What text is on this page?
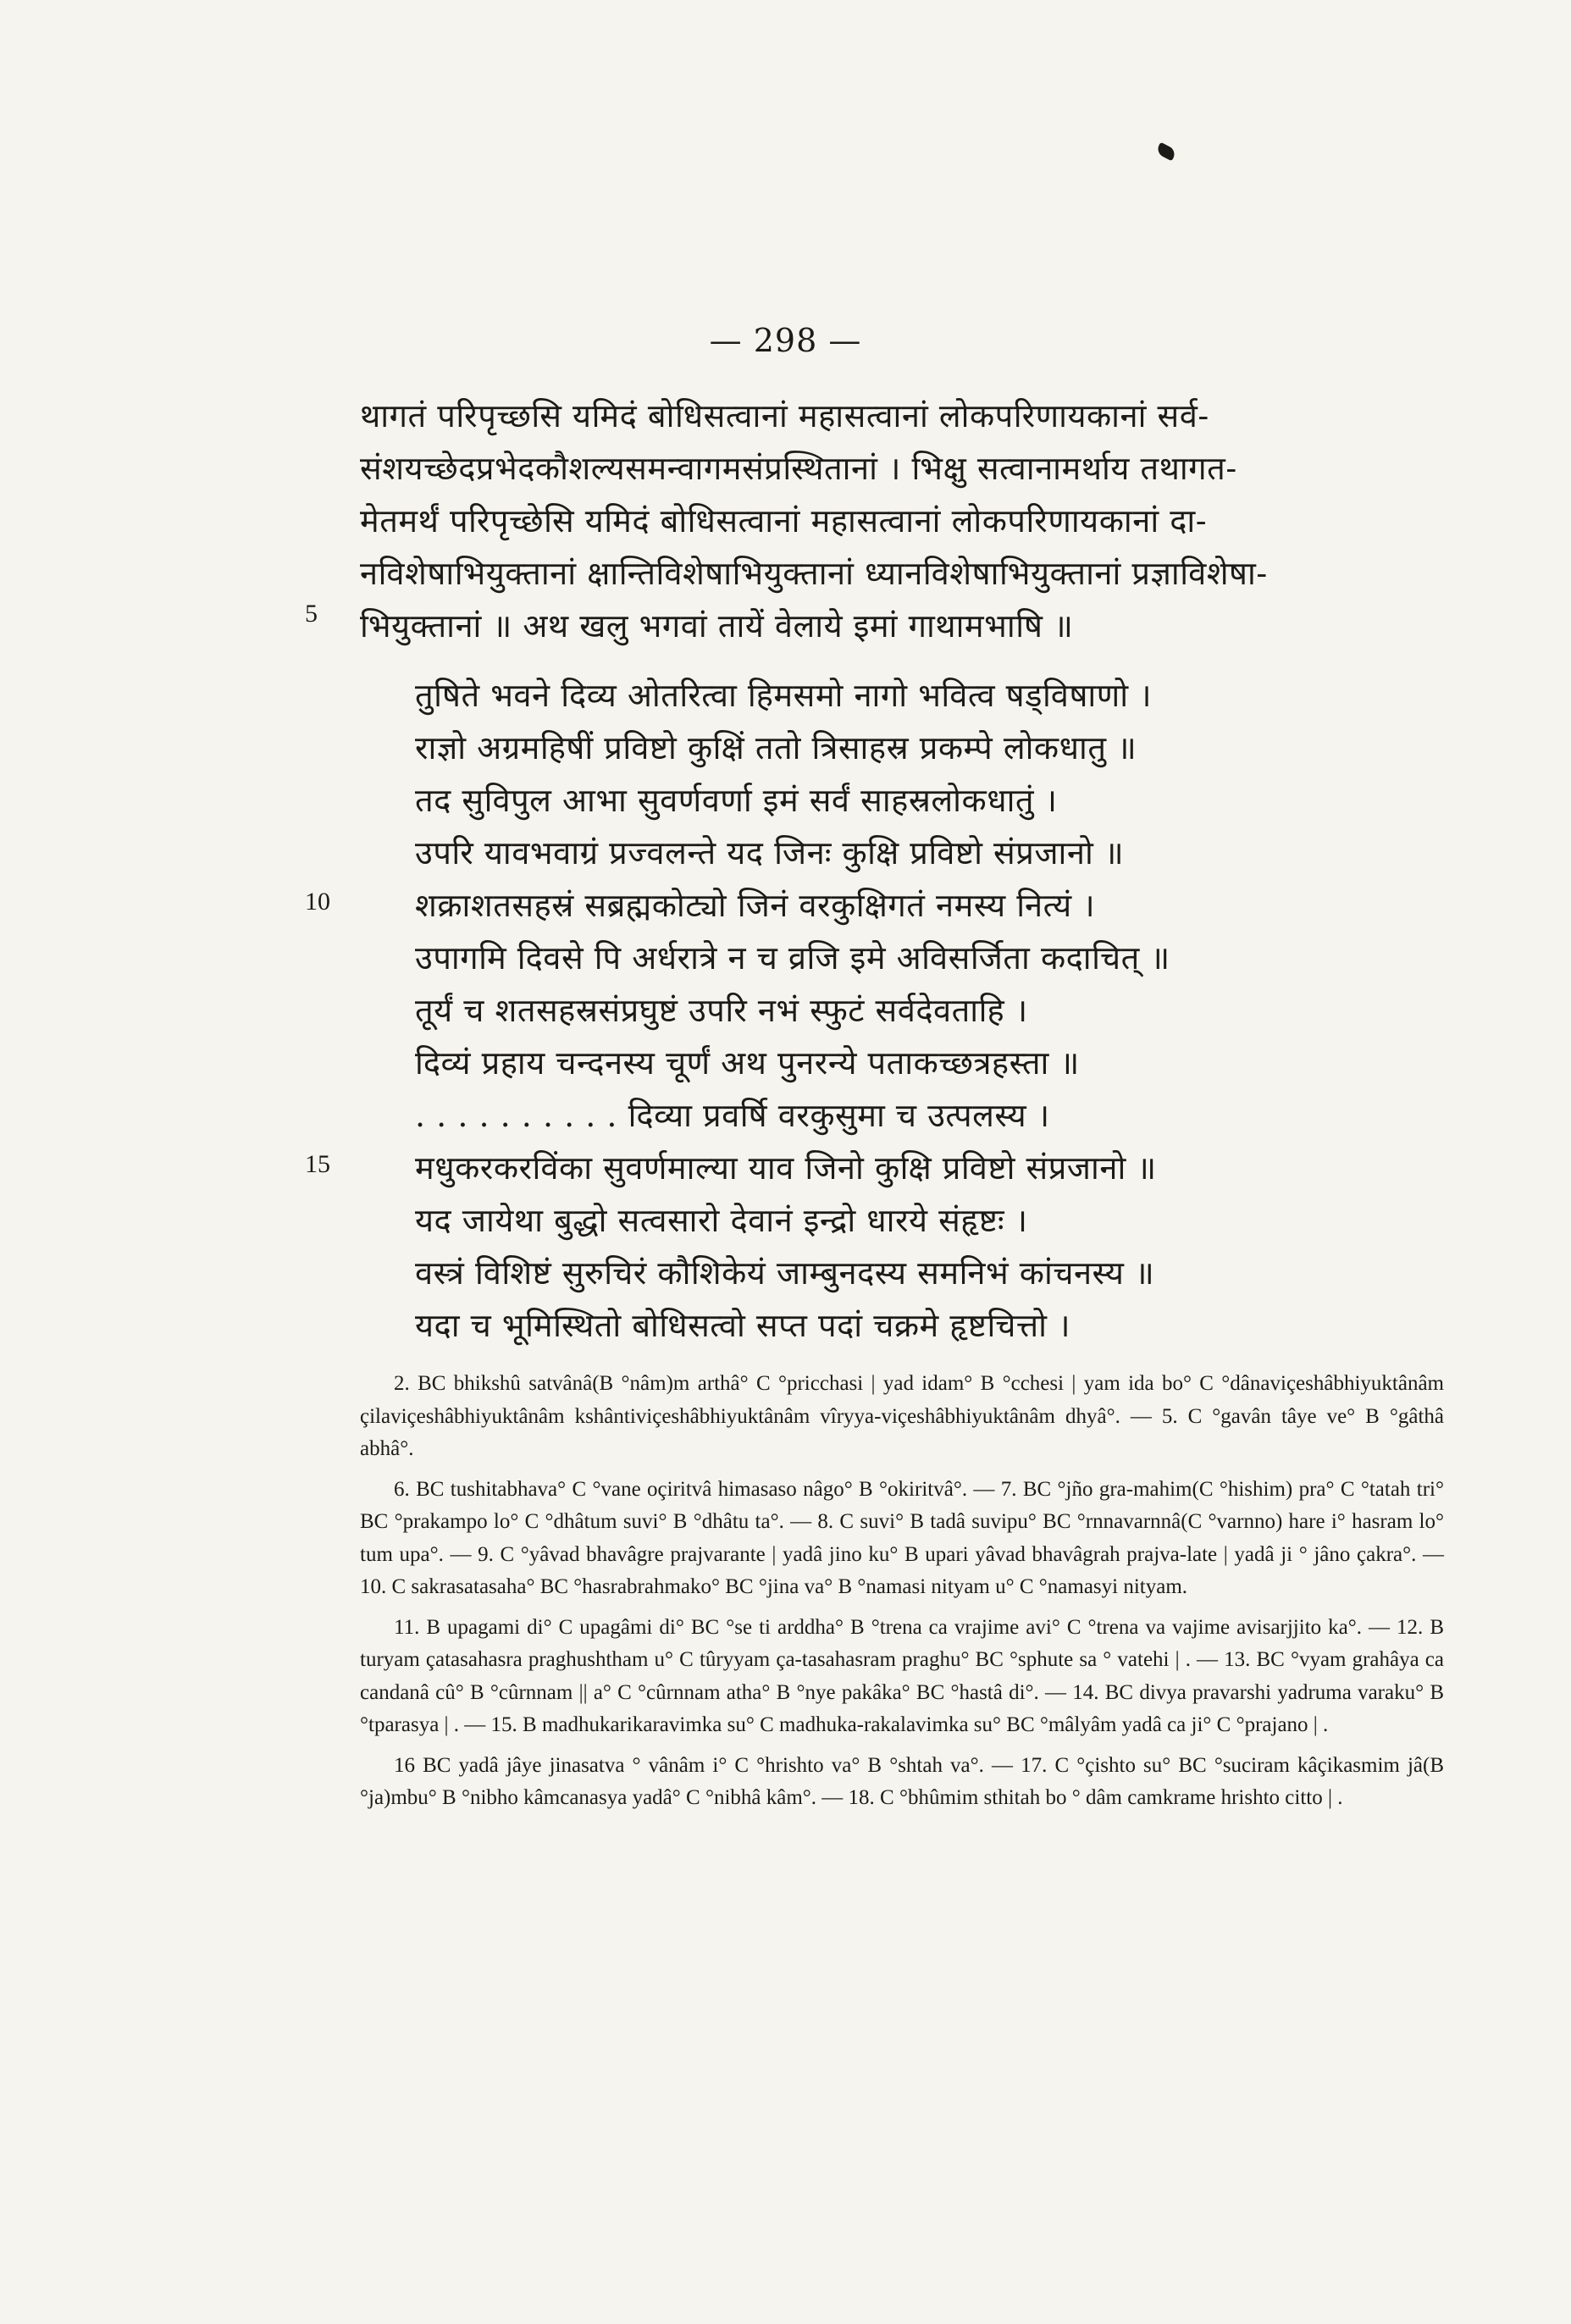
— 298 —
थागतं परिपृच्छसि यमिदं बोधिसत्वानां महासत्वानां लोकपरिणायकानां सर्व-
संशयच्छेदप्रभेदकौशल्यसमन्वागमसंप्रस्थितानां । भिक्षु सत्वानामर्थाय तथागत-
मेतमर्थं परिपृच्छेसि यमिदं बोधिसत्वानां महासत्वानां लोकपरिणायकानां दा-
नविशेषाभियुक्तानां क्षान्तिविशेषाभियुक्तानां ध्यानविशेषाभियुक्तानां प्रज्ञाविशेषा-
भियुक्तानां ॥ अथ खलु भगवां तायें वेलाये इमां गाथामभाषि ॥
5
10
15
तुषिते भवने दिव्य ओतरित्वा हिमसमो नागो भवित्व षड्विषाणो ।
राज्ञो अग्रमहिषीं प्रविष्टो कुक्षिं ततो त्रिसाहस्र प्रकम्पे लोकधातु ॥
तद सुविपुल आभा सुवर्णवर्णा इमं सर्वं साहस्रलोकधातुं ।
उपरि यावभवाग्रं प्रज्वलन्ते यद जिनः कुक्षि प्रविष्टो संप्रजानो ॥
शक्राशतसहस्रं सब्रह्मकोट्यो जिनं वरकुक्षिगतं नमस्य नित्यं ।
उपागमि दिवसे पि अर्धरात्रे न च व्रजि इमे अविसर्जिता कदाचित् ॥
तूर्यं च शतसहस्रसंप्रघुष्टं उपरि नभं स्फुटं सर्वदेवताहि ।
दिव्यं प्रहाय चन्दनस्य चूर्णं अथ पुनरन्ये पताकच्छत्रहस्ता ॥
. . . . . . . . . . दिव्या प्रवर्षि वरकुसुमा च उत्पलस्य ।
मधुकरकरविंका सुवर्णमाल्या याव जिनो कुक्षि प्रविष्टो संप्रजानो ॥
यद जायेथा बुद्धो सत्वसारो देवानं इन्द्रो धारये संहृष्टः ।
वस्त्रं विशिष्टं सुरुचिरं कौशिकेयं जाम्बुनदस्य समनिभं कांचनस्य ॥
यदा च भूमिस्थितो बोधिसत्वो सप्त पदां चक्रमे हृष्टचित्तो ।

2. BC bhikshû satvânâ(B °nâm)m arthâ° C °pricchasi | yad idam° B °cchesi | yam ida bo° C °dânaviçeshâbhiyuktânâm çilaviçeshâbhiyuktânâm kshântiviçeshâbhiyuktânâm vîryya-viçeshâbhiyuktânâm dhyâ°. — 5. C °gavân tâye ve° B °gâthâ abhâ°.

6. BC tushitabhava° C °vane oçiritvâ himasaso nâgo° B °okiritvâ°. — 7. BC °jño gra-mahim(C °hishim) pra° C °tatah tri° BC °prakampo lo° C °dhâtum suvi° B °dhâtu ta°. — 8. C suvi° B tadâ suvipu° BC °rnnavarnnâ(C °varnno) hare i° hasram lo° tum upa°. — 9. C °yâvad bhavâgre prajvarante | yadâ jino ku° B upari yâvad bhavâgrah prajva-late | yadâ ji ° jâno çakra°. — 10. C sakrasatasaha° BC °hasrabrahmako° BC °jina va° B °namasi nityam u° C °namasyi nityam.

11. B upagami di° C upagâmi di° BC °se ti arddha° B °trena ca vrajime avi° C °trena va vajime avisarjjito ka°. — 12. B turyam çatasahasra praghushtham u° C tûryyam ça-tasahasram praghu° BC °sphute sa ° vatehi | . — 13. BC °vyam grahâya ca candanâ cû° B °cûrnnam || a° C °cûrnnam atha° B °nye pakâka° BC °hastâ di°. — 14. BC divya pravarshi yadruma varaku° B °tparasya | . — 15. B madhukarikaravimka su° C madhuka-rakalavimka su° BC °mâlyâm yadâ ca ji° C °prajano | .

16 BC yadâ jâye jinasatva ° vânâm i° C °hrishto va° B °shtah va°. — 17. C °çishto su° BC °suciram kâçikasmim jâ(B °ja)mbu° B °nibho kâmcanasya yadâ° C °nibhâ kâm°. — 18. C °bhûmim sthitah bo ° dâm camkrame hrishto citto | .
